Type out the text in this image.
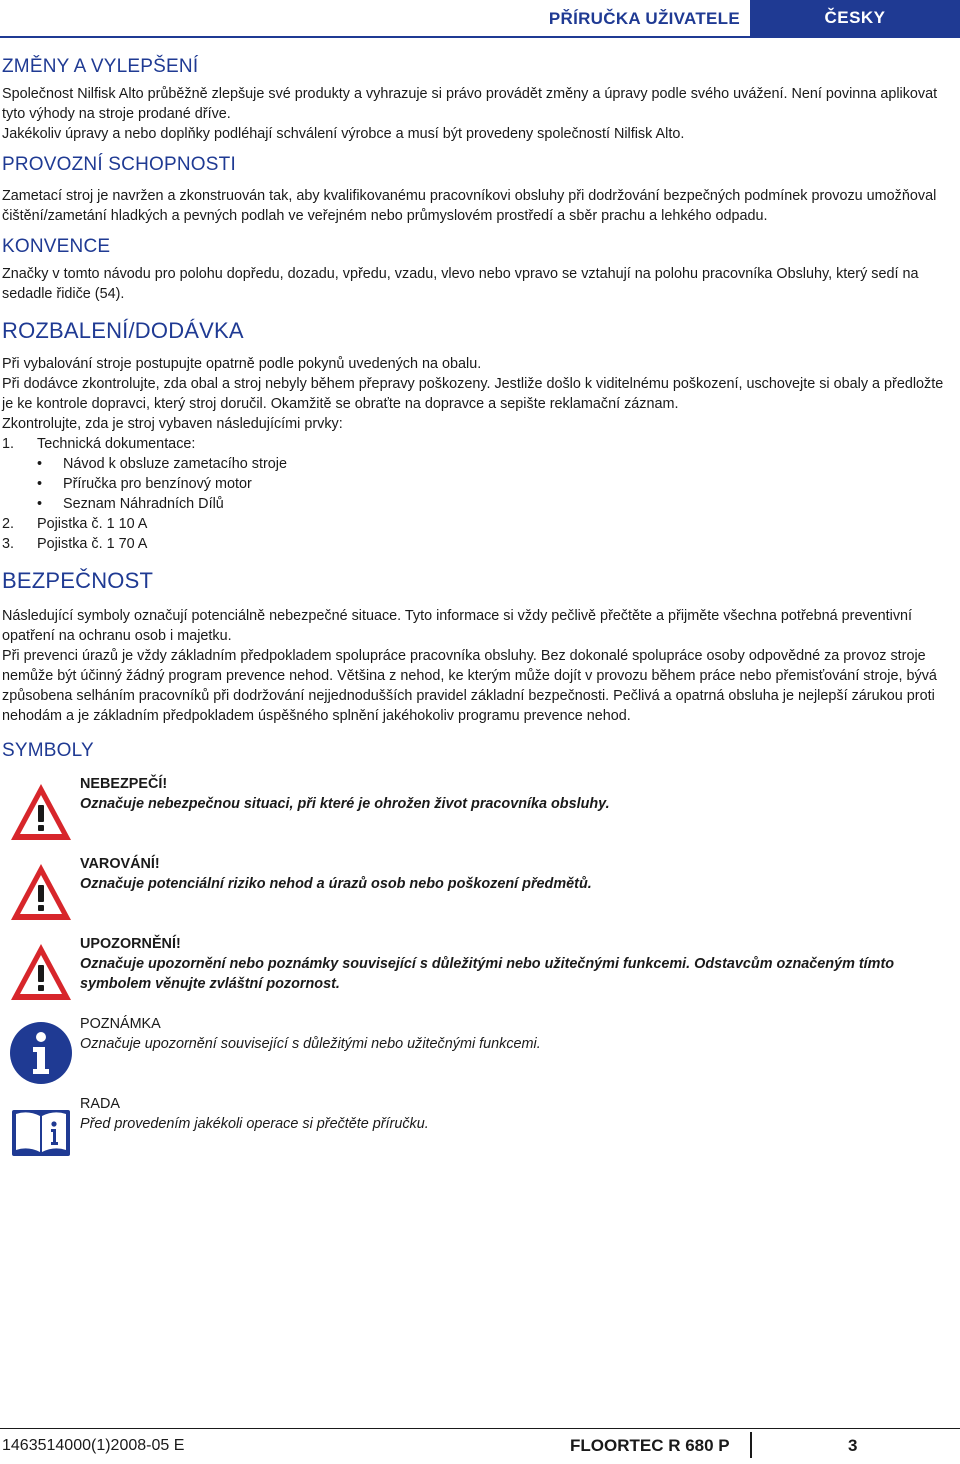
PŘÍRUČKA UŽIVATELE	ČESKY
ZMĚNY A VYLEPŠENÍ

Společnost Nilfisk Alto průběžně zlepšuje své produkty a vyhrazuje si právo provádět změny a úpravy podle svého uvážení. Není povinna aplikovat tyto výhody na stroje prodané dříve.

Jakékoliv úpravy a nebo doplňky podléhají schválení výrobce a musí být provedeny společností Nilfisk Alto.

PROVOZNÍ SCHOPNOSTI

Zametací stroj je navržen a zkonstruován tak, aby kvalifikovanému pracovníkovi obsluhy při dodržování bezpečných podmínek provozu umožňoval čištění/zametání hladkých a pevných podlah ve veřejném nebo průmyslovém prostředí a sběr prachu a lehkého odpadu.

KONVENCE

Značky v tomto návodu pro polohu dopředu, dozadu, vpředu, vzadu, vlevo nebo vpravo se vztahují na polohu pracovníka Obsluhy, který sedí na sedadle řidiče (54).

ROZBALENÍ/DODÁVKA

Při vybalování stroje postupujte opatrně podle pokynů uvedených na obalu.

Při dodávce zkontrolujte, zda obal a stroj nebyly během přepravy poškozeny. Jestliže došlo k viditelnému poškození, uschovejte si obaly a předložte je ke kontrole dopravci, který stroj doručil. Okamžitě se obraťte na dopravce a sepište reklamační záznam.

Zkontrolujte, zda je stroj vybaven následujícími prvky:

1.	Technická dokumentace:
•	Návod k obsluze zametacího stroje
•	Příručka pro benzínový motor
•	Seznam Náhradních Dílů
2.	Pojistka č. 1 10 A
3.	Pojistka č. 1 70 A
BEZPEČNOST

Následující symboly označují potenciálně nebezpečné situace. Tyto informace si vždy pečlivě přečtěte a přijměte všechna potřebná preventivní opatření na ochranu osob i majetku.

Při prevenci úrazů je vždy základním předpokladem spolupráce pracovníka obsluhy. Bez dokonalé spolupráce osoby odpovědné za provoz stroje nemůže být účinný žádný program prevence nehod. Většina z nehod, ke kterým může dojít v provozu během práce nebo přemisťování stroje, bývá způsobena selháním pracovníků při dodržování nejjednodušších pravidel základní bezpečnosti. Pečlivá a opatrná obsluha je nejlepší zárukou proti nehodám a je základním předpokladem úspěšného splnění jakéhokoliv programu prevence nehod.

SYMBOLY
NEBEZPEČÍ!
Označuje nebezpečnou situaci, při které je ohrožen život pracovníka obsluhy.
VAROVÁNÍ!
Označuje potenciální riziko nehod a úrazů osob nebo poškození předmětů.
UPOZORNĚNÍ!
Označuje upozornění nebo poznámky související s důležitými nebo užitečnými funkcemi. Odstavcům označeným tímto symbolem věnujte zvláštní pozornost.
POZNÁMKA
Označuje upozornění související s důležitými nebo užitečnými funkcemi.
RADA
Před provedením jakékoli operace si přečtěte příručku.
1463514000(1)2008-05 E	FLOORTEC R 680 P	3
